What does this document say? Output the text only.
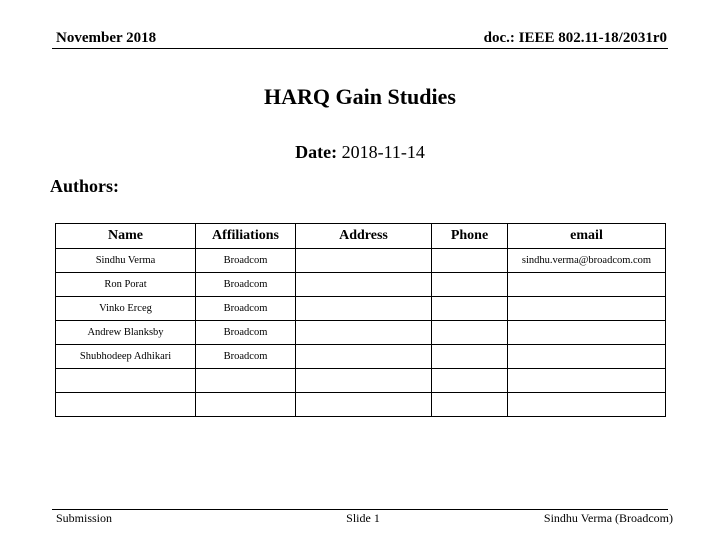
November 2018	doc.: IEEE 802.11-18/2031r0
HARQ Gain Studies
Date: 2018-11-14
Authors:
Name	Affiliations	Address	Phone	email
Sindhu Verma	Broadcom			sindhu.verma@broadcom.com
Ron Porat	Broadcom			
Vinko Erceg	Broadcom			
Andrew Blanksby	Broadcom			
Shubhodeep Adhikari	Broadcom			

Submission	Slide 1	Sindhu Verma (Broadcom)
